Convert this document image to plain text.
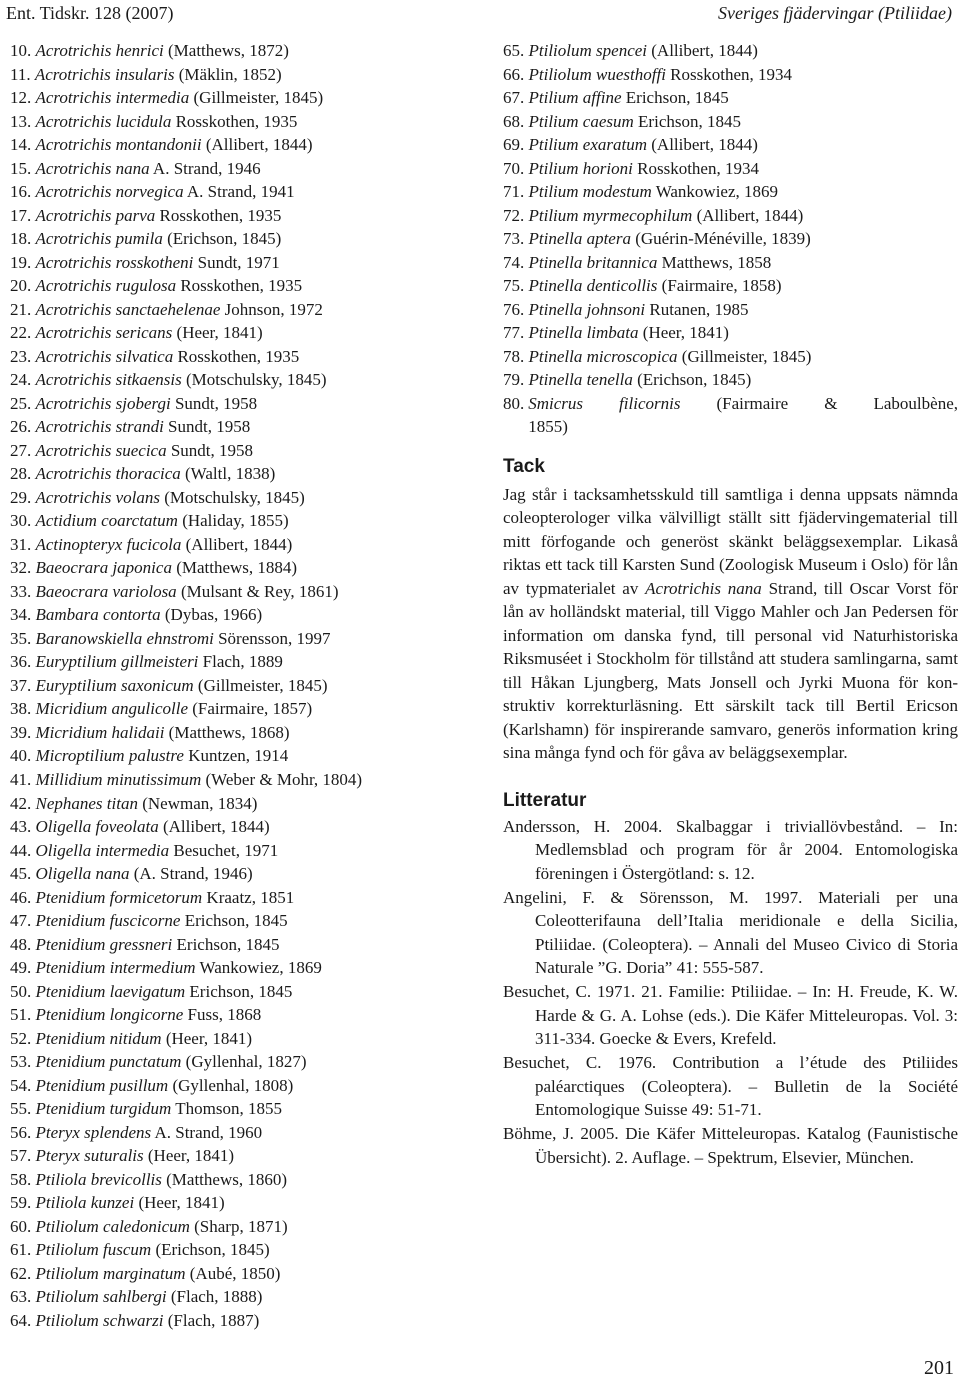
Ent. Tidskr. 128 (2007)	Sveriges fjädervingar (Ptiliidae)
10. Acrotrichis henrici (Matthews, 1872)
11. Acrotrichis insularis (Mäklin, 1852)
12. Acrotrichis intermedia (Gillmeister, 1845)
13. Acrotrichis lucidula Rosskothen, 1935
14. Acrotrichis montandonii (Allibert, 1844)
15. Acrotrichis nana A. Strand, 1946
16. Acrotrichis norvegica A. Strand, 1941
17. Acrotrichis parva Rosskothen, 1935
18. Acrotrichis pumila (Erichson, 1845)
19. Acrotrichis rosskotheni Sundt, 1971
20. Acrotrichis rugulosa Rosskothen, 1935
21. Acrotrichis sanctaehelenae Johnson, 1972
22. Acrotrichis sericans (Heer, 1841)
23. Acrotrichis silvatica Rosskothen, 1935
24. Acrotrichis sitkaensis (Motschulsky, 1845)
25. Acrotrichis sjobergi Sundt, 1958
26. Acrotrichis strandi Sundt, 1958
27. Acrotrichis suecica Sundt, 1958
28. Acrotrichis thoracica (Waltl, 1838)
29. Acrotrichis volans (Motschulsky, 1845)
30. Actidium coarctatum (Haliday, 1855)
31. Actinopteryx fucicola (Allibert, 1844)
32. Baeocrara japonica (Matthews, 1884)
33. Baeocrara variolosa (Mulsant & Rey, 1861)
34. Bambara contorta (Dybas, 1966)
35. Baranowskiella ehnstromi Sörensson, 1997
36. Euryptilium gillmeisteri Flach, 1889
37. Euryptilium saxonicum (Gillmeister, 1845)
38. Micridium angulicolle (Fairmaire, 1857)
39. Micridium halidaii (Matthews, 1868)
40. Microptilium palustre Kuntzen, 1914
41. Millidium minutissimum (Weber & Mohr, 1804)
42. Nephanes titan (Newman, 1834)
43. Oligella foveolata (Allibert, 1844)
44. Oligella intermedia Besuchet, 1971
45. Oligella nana (A. Strand, 1946)
46. Ptenidium formicetorum Kraatz, 1851
47. Ptenidium fuscicorne Erichson, 1845
48. Ptenidium gressneri Erichson, 1845
49. Ptenidium intermedium Wankowiez, 1869
50. Ptenidium laevigatum Erichson, 1845
51. Ptenidium longicorne Fuss, 1868
52. Ptenidium nitidum (Heer, 1841)
53. Ptenidium punctatum (Gyllenhal, 1827)
54. Ptenidium pusillum (Gyllenhal, 1808)
55. Ptenidium turgidum Thomson, 1855
56. Pteryx splendens A. Strand, 1960
57. Pteryx suturalis (Heer, 1841)
58. Ptiliola brevicollis (Matthews, 1860)
59. Ptiliola kunzei (Heer, 1841)
60. Ptiliolum caledonicum (Sharp, 1871)
61. Ptiliolum fuscum (Erichson, 1845)
62. Ptiliolum marginatum (Aubé, 1850)
63. Ptiliolum sahlbergi (Flach, 1888)
64. Ptiliolum schwarzi (Flach, 1887)
65. Ptiliolum spencei (Allibert, 1844)
66. Ptiliolum wuesthoffi Rosskothen, 1934
67. Ptilium affine Erichson, 1845
68. Ptilium caesum Erichson, 1845
69. Ptilium exaratum (Allibert, 1844)
70. Ptilium horioni Rosskothen, 1934
71. Ptilium modestum Wankowiez, 1869
72. Ptilium myrmecophilum (Allibert, 1844)
73. Ptinella aptera (Guérin-Ménéville, 1839)
74. Ptinella britannica Matthews, 1858
75. Ptinella denticollis (Fairmaire, 1858)
76. Ptinella johnsoni Rutanen, 1985
77. Ptinella limbata (Heer, 1841)
78. Ptinella microscopica (Gillmeister, 1845)
79. Ptinella tenella (Erichson, 1845)
80. Smicrus filicornis (Fairmaire & Laboulbène,
1855)
Tack

Jag står i tacksamhetsskuld till samtliga i denna uppsats nämnda coleopterologer vilka välvilligt ställt sitt fjädervingematerial till mitt förfogande och generöst skänkt beläggsexemplar. Likaså riktas ett tack till Karsten Sund (Zoologisk Museum i Oslo) för lån av typmaterialet av Acrotrichis nana Strand, till Oscar Vorst för lån av holländskt material, till Viggo Mahler och Jan Pedersen för information om danska fynd, till personal vid Naturhistoriska Riksmuséet i Stockholm för tillstånd att studera samlingarna, samt till Håkan Ljungberg, Mats Jonsell och Jyrki Muona för konstruktiv korrekturläsning. Ett särskilt tack till Bertil Ericson (Karlshamn) för inspirerande samvaro, generös information kring sina många fynd och för gåva av beläggsexemplar.

Litteratur
Andersson, H. 2004. Skalbaggar i triviallövbestånd. – In: Medlemsblad och program för år 2004. Entomologiska föreningen i Östergötland: s. 12.
Angelini, F. & Sörensson, M. 1997. Materiali per una Coleotterifauna dell’Italia meridionale e della Sicilia, Ptiliidae. (Coleoptera). – Annali del Museo Civico di Storia Naturale ”G. Doria” 41: 555-587.
Besuchet, C. 1971. 21. Familie: Ptiliidae. – In: H. Freude, K. W. Harde & G. A. Lohse (eds.). Die Käfer Mitteleuropas. Vol. 3: 311-334. Goecke & Evers, Krefeld.
Besuchet, C. 1976. Contribution a l’étude des Ptiliides paléarctiques (Coleoptera). – Bulletin de la Société Entomologique Suisse 49: 51-71.
Böhme, J. 2005. Die Käfer Mitteleuropas. Katalog (Faunistische Übersicht). 2. Auflage. – Spektrum, Elsevier, München.
201
